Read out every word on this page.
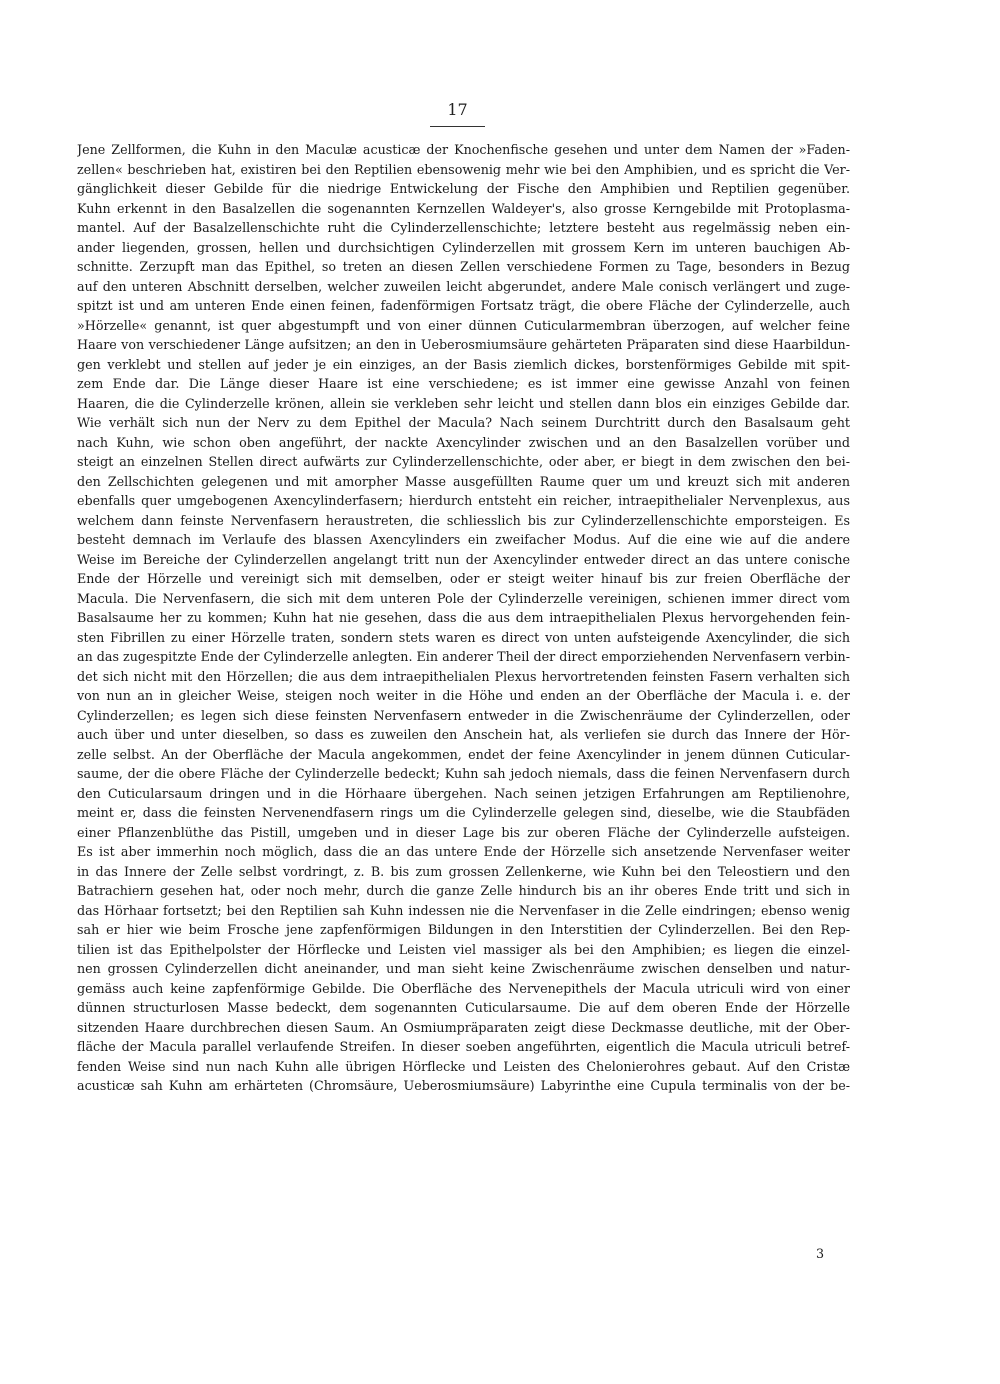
17
Jene Zellformen, die Kuhn in den Maculæ acusticæ der Knochenfische gesehen und unter dem Namen der »Faden-
zellen« beschrieben hat, existiren bei den Reptilien ebensowenig mehr wie bei den Amphibien, und es spricht die Ver-
gänglichkeit dieser Gebilde für die niedrige Entwickelung der Fische den Amphibien und Reptilien gegenüber.
Kuhn erkennt in den Basalzellen die sogenannten Kernzellen Waldeyer's, also grosse Kerngebilde mit Protoplasma-
mantel. Auf der Basalzellenschichte ruht die Cylinderzellenschichte; letztere besteht aus regelmässig neben ein-
ander liegenden, grossen, hellen und durchsichtigen Cylinderzellen mit grossem Kern im unteren bauchigen Ab-
schnitte. Zerzupft man das Epithel, so treten an diesen Zellen verschiedene Formen zu Tage, besonders in Bezug
auf den unteren Abschnitt derselben, welcher zuweilen leicht abgerundet, andere Male conisch verlängert und zuge-
spitzt ist und am unteren Ende einen feinen, fadenförmigen Fortsatz trägt, die obere Fläche der Cylinderzelle, auch
»Hörzelle« genannt, ist quer abgestumpft und von einer dünnen Cuticularmembran überzogen, auf welcher feine
Haare von verschiedener Länge aufsitzen; an den in Ueberosmiumsäure gehärteten Präparaten sind diese Haarbildun-
gen verklebt und stellen auf jeder je ein einziges, an der Basis ziemlich dickes, borstenförmiges Gebilde mit spit-
zem Ende dar. Die Länge dieser Haare ist eine verschiedene; es ist immer eine gewisse Anzahl von feinen
Haaren, die die Cylinderzelle krönen, allein sie verkleben sehr leicht und stellen dann blos ein einziges Gebilde dar.
Wie verhält sich nun der Nerv zu dem Epithel der Macula? Nach seinem Durchtritt durch den Basalsaum geht
nach Kuhn, wie schon oben angeführt, der nackte Axencylinder zwischen und an den Basalzellen vorüber und
steigt an einzelnen Stellen direct aufwärts zur Cylinderzellenschichte, oder aber, er biegt in dem zwischen den bei-
den Zellschichten gelegenen und mit amorpher Masse ausgefüllten Raume quer um und kreuzt sich mit anderen
ebenfalls quer umgebogenen Axencylinderfasern; hierdurch entsteht ein reicher, intraepithelialer Nervenplexus, aus
welchem dann feinste Nervenfasern heraustreten, die schliesslich bis zur Cylinderzellenschichte emporsteigen. Es
besteht demnach im Verlaufe des blassen Axencylinders ein zweifacher Modus. Auf die eine wie auf die andere
Weise im Bereiche der Cylinderzellen angelangt tritt nun der Axencylinder entweder direct an das untere conische
Ende der Hörzelle und vereinigt sich mit demselben, oder er steigt weiter hinauf bis zur freien Oberfläche der
Macula. Die Nervenfasern, die sich mit dem unteren Pole der Cylinderzelle vereinigen, schienen immer direct vom
Basalsaume her zu kommen; Kuhn hat nie gesehen, dass die aus dem intraepithelialen Plexus hervorgehenden fein-
sten Fibrillen zu einer Hörzelle traten, sondern stets waren es direct von unten aufsteigende Axencylinder, die sich
an das zugespitzte Ende der Cylinderzelle anlegten. Ein anderer Theil der direct emporziehenden Nervenfasern verbin-
det sich nicht mit den Hörzellen; die aus dem intraepithelialen Plexus hervortretenden feinsten Fasern verhalten sich
von nun an in gleicher Weise, steigen noch weiter in die Höhe und enden an der Oberfläche der Macula i. e. der
Cylinderzellen; es legen sich diese feinsten Nervenfasern entweder in die Zwischenräume der Cylinderzellen, oder
auch über und unter dieselben, so dass es zuweilen den Anschein hat, als verliefen sie durch das Innere der Hör-
zelle selbst. An der Oberfläche der Macula angekommen, endet der feine Axencylinder in jenem dünnen Cuticular-
saume, der die obere Fläche der Cylinderzelle bedeckt; Kuhn sah jedoch niemals, dass die feinen Nervenfasern durch
den Cuticularsaum dringen und in die Hörhaare übergehen. Nach seinen jetzigen Erfahrungen am Reptilienohre,
meint er, dass die feinsten Nervenendfasern rings um die Cylinderzelle gelegen sind, dieselbe, wie die Staubfäden
einer Pflanzenblüthe das Pistill, umgeben und in dieser Lage bis zur oberen Fläche der Cylinderzelle aufsteigen.
Es ist aber immerhin noch möglich, dass die an das untere Ende der Hörzelle sich ansetzende Nervenfaser weiter
in das Innere der Zelle selbst vordringt, z. B. bis zum grossen Zellenkerne, wie Kuhn bei den Teleostiern und den
Batrachiern gesehen hat, oder noch mehr, durch die ganze Zelle hindurch bis an ihr oberes Ende tritt und sich in
das Hörhaar fortsetzt; bei den Reptilien sah Kuhn indessen nie die Nervenfaser in die Zelle eindringen; ebenso wenig
sah er hier wie beim Frosche jene zapfenförmigen Bildungen in den Interstitien der Cylinderzellen. Bei den Rep-
tilien ist das Epithelpolster der Hörflecke und Leisten viel massiger als bei den Amphibien; es liegen die einzel-
nen grossen Cylinderzellen dicht aneinander, und man sieht keine Zwischenräume zwischen denselben und natur-
gemäss auch keine zapfenförmige Gebilde. Die Oberfläche des Nervenepithels der Macula utriculi wird von einer
dünnen structurlosen Masse bedeckt, dem sogenannten Cuticularsaume. Die auf dem oberen Ende der Hörzelle
sitzenden Haare durchbrechen diesen Saum. An Osmiumpräparaten zeigt diese Deckmasse deutliche, mit der Ober-
fläche der Macula parallel verlaufende Streifen. In dieser soeben angeführten, eigentlich die Macula utriculi betref-
fenden Weise sind nun nach Kuhn alle übrigen Hörflecke und Leisten des Chelonierohres gebaut. Auf den Cristæ
acusticæ sah Kuhn am erhärteten (Chromsäure, Ueberosmiumsäure) Labyrinthe eine Cupula terminalis von der be-
3
